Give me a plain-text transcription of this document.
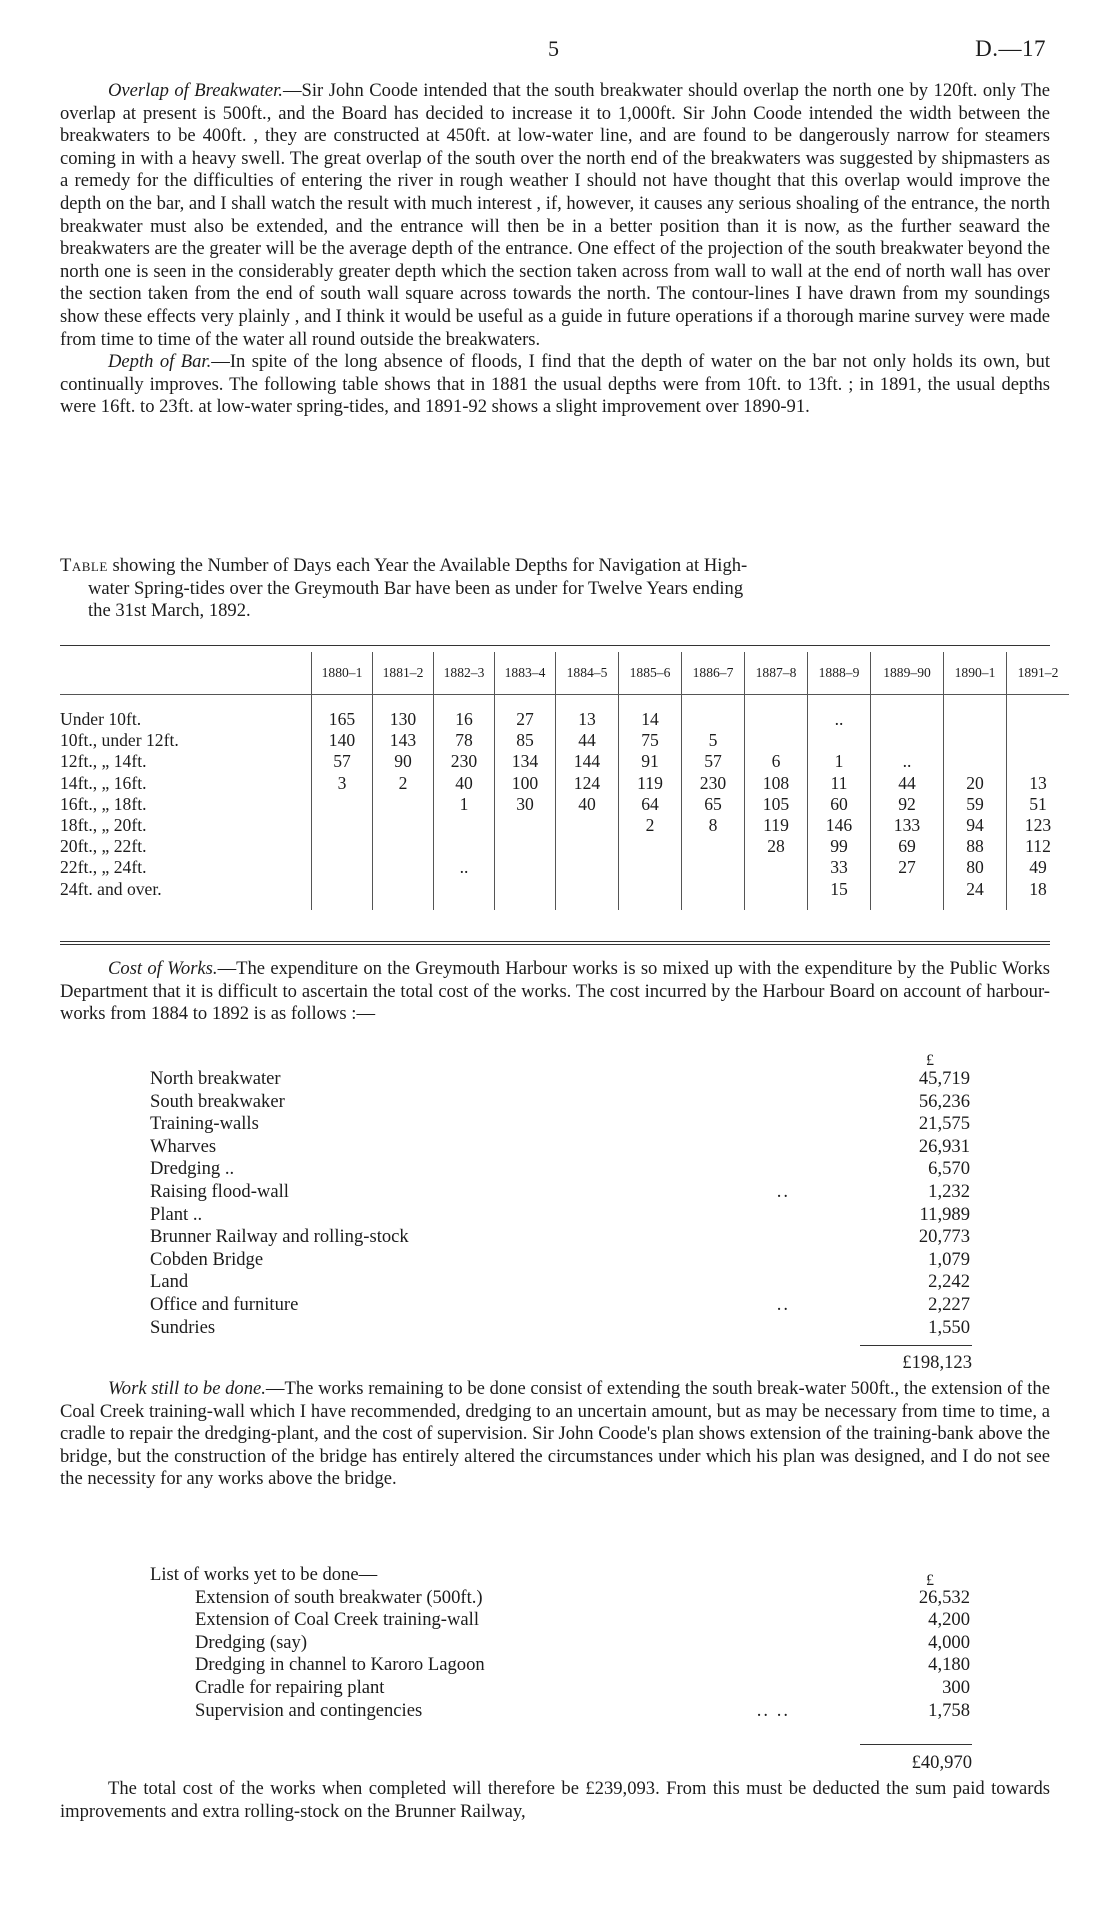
5	D.—17

Overlap of Breakwater.—Sir John Coode intended that the south breakwater should overlap the north one by 120ft. only The overlap at present is 500ft., and the Board has decided to increase it to 1,000ft. Sir John Coode intended the width between the breakwaters to be 400ft. , they are constructed at 450ft. at low-water line, and are found to be dangerously narrow for steamers coming in with a heavy swell. The great overlap of the south over the north end of the breakwaters was suggested by shipmasters as a remedy for the difficulties of entering the river in rough weather I should not have thought that this overlap would improve the depth on the bar, and I shall watch the result with much interest , if, however, it causes any serious shoaling of the entrance, the north breakwater must also be extended, and the entrance will then be in a better position than it is now, as the further seaward the breakwaters are the greater will be the average depth of the entrance. One effect of the projection of the south breakwater beyond the north one is seen in the considerably greater depth which the section taken across from wall to wall at the end of north wall has over the section taken from the end of south wall square across towards the north. The contour-lines I have drawn from my soundings show these effects very plainly , and I think it would be useful as a guide in future operations if a thorough marine survey were made from time to time of the water all round outside the breakwaters.

Depth of Bar.—In spite of the long absence of floods, I find that the depth of water on the bar not only holds its own, but continually improves. The following table shows that in 1881 the usual depths were from 10ft. to 13ft. ; in 1891, the usual depths were 16ft. to 23ft. at low-water spring-tides, and 1891-92 shows a slight improvement over 1890-91.

Table showing the Number of Days each Year the Available Depths for Navigation at High-
water Spring-tides over the Greymouth Bar have been as under for Twelve Years ending
the 31st March, 1892.
	1880–1	1881–2	1882–3	1883–4	1884–5	1885–6	1886–7	1887–8	1888–9	1889–90	1890–1	1891–2
Under 10ft.	165	130	16	27	13	14			..			
10ft., under 12ft.	140	143	78	85	44	75	5					
12ft., „ 14ft.	57	90	230	134	144	91	57	6	1	..		
14ft., „ 16ft.	3	2	40	100	124	119	230	108	11	44	20	13
16ft., „ 18ft.			1	30	40	64	65	105	60	92	59	51
18ft., „ 20ft.						2	8	119	146	133	94	123
20ft., „ 22ft.								28	99	69	88	112
22ft., „ 24ft.			..						33	27	80	49
24ft. and over.									15		24	18

Cost of Works.—The expenditure on the Greymouth Harbour works is so mixed up with the expenditure by the Public Works Department that it is difficult to ascertain the total cost of the works. The cost incurred by the Harbour Board on account of harbour-works from 1884 to 1892 is as follows :—

£
North breakwater	45,719
South breakwaker	56,236
Training-walls	21,575
Wharves	26,931
Dredging ..	6,570
Raising flood-wall	..	1,232
Plant ..	11,989
Brunner Railway and rolling-stock	20,773
Cobden Bridge	1,079
Land	2,242
Office and furniture	..	2,227
Sundries	1,550
£198,123

Work still to be done.—The works remaining to be done consist of extending the south break-water 500ft., the extension of the Coal Creek training-wall which I have recommended, dredging to an uncertain amount, but as may be necessary from time to time, a cradle to repair the dredging-plant, and the cost of supervision. Sir John Coode's plan shows extension of the training-bank above the bridge, but the construction of the bridge has entirely altered the circumstances under which his plan was designed, and I do not see the necessity for any works above the bridge.

£
List of works yet to be done—
Extension of south breakwater (500ft.)	26,532
Extension of Coal Creek training-wall	4,200
Dredging (say)	4,000
Dredging in channel to Karoro Lagoon	4,180
Cradle for repairing plant	300
Supervision and contingencies	.. ..	1,758
£40,970

The total cost of the works when completed will therefore be £239,093. From this must be deducted the sum paid towards improvements and extra rolling-stock on the Brunner Railway,
